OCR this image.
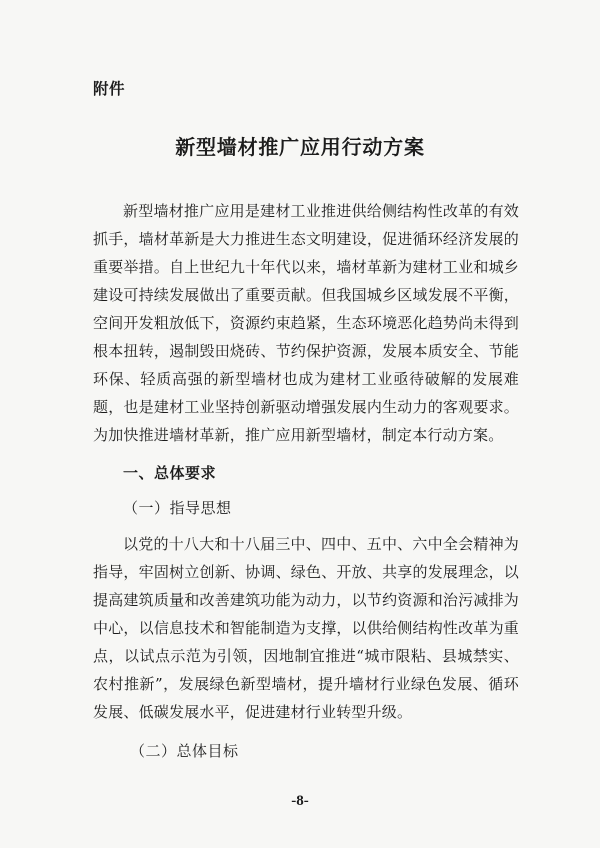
附件
新型墙材推广应用行动方案
新型墙材推广应用是建材工业推进供给侧结构性改革的有效抓手，墙材革新是大力推进生态文明建设，促进循环经济发展的重要举措。自上世纪九十年代以来，墙材革新为建材工业和城乡建设可持续发展做出了重要贡献。但我国城乡区域发展不平衡，空间开发粗放低下，资源约束趋紧，生态环境恶化趋势尚未得到根本扭转，遏制毁田烧砖、节约保护资源，发展本质安全、节能环保、轻质高强的新型墙材也成为建材工业亟待破解的发展难题，也是建材工业坚持创新驱动增强发展内生动力的客观要求。为加快推进墙材革新，推广应用新型墙材，制定本行动方案。
一、总体要求
（一）指导思想
以党的十八大和十八届三中、四中、五中、六中全会精神为指导，牢固树立创新、协调、绿色、开放、共享的发展理念，以提高建筑质量和改善建筑功能为动力，以节约资源和治污减排为中心，以信息技术和智能制造为支撑，以供给侧结构性改革为重点，以试点示范为引领，因地制宜推进“城市限粘、县城禁实、农村推新”，发展绿色新型墙材，提升墙材行业绿色发展、循环发展、低碳发展水平，促进建材行业转型升级。
（二）总体目标
-8-
